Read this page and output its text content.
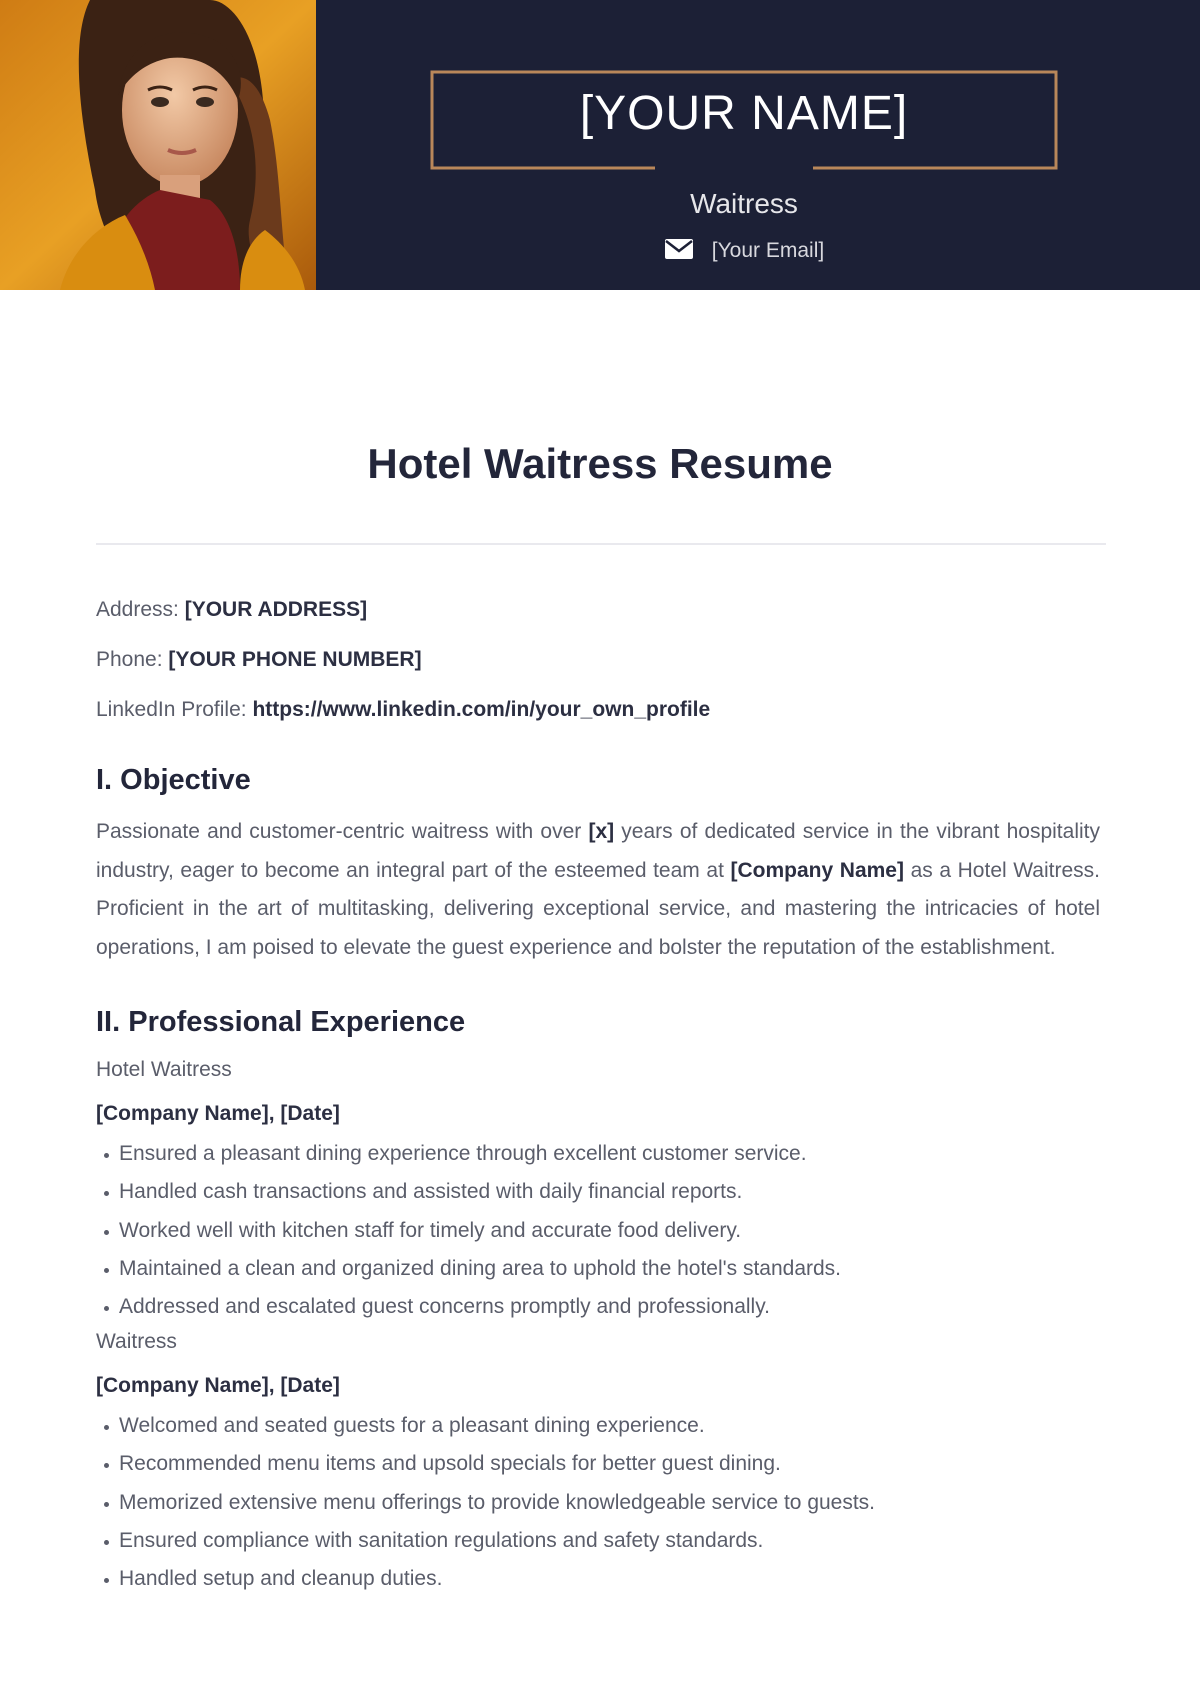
[YOUR NAME]
Waitress
[Your Email]
Hotel Waitress Resume

Address: [YOUR ADDRESS]

Phone: [YOUR PHONE NUMBER]

LinkedIn Profile: https://www.linkedin.com/in/your_own_profile

I. Objective

Passionate and customer-centric waitress with over [x] years of dedicated service in the vibrant hospitality industry, eager to become an integral part of the esteemed team at [Company Name] as a Hotel Waitress. Proficient in the art of multitasking, delivering exceptional service, and mastering the intricacies of hotel operations, I am poised to elevate the guest experience and bolster the reputation of the establishment.

II. Professional Experience

Hotel Waitress

[Company Name], [Date]

Ensured a pleasant dining experience through excellent customer service.
Handled cash transactions and assisted with daily financial reports.
Worked well with kitchen staff for timely and accurate food delivery.
Maintained a clean and organized dining area to uphold the hotel's standards.
Addressed and escalated guest concerns promptly and professionally.

Waitress

[Company Name], [Date]

Welcomed and seated guests for a pleasant dining experience.
Recommended menu items and upsold specials for better guest dining.
Memorized extensive menu offerings to provide knowledgeable service to guests.
Ensured compliance with sanitation regulations and safety standards.
Handled setup and cleanup duties.
